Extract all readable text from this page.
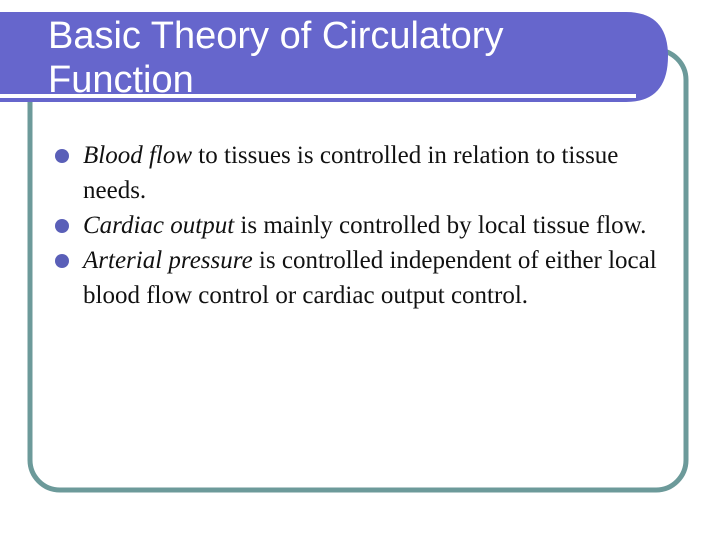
Basic Theory of Circulatory
Function
Blood flow to tissues is controlled in relation to tissue needs.
Cardiac output is mainly controlled by local tissue flow.
Arterial pressure is controlled independent of either local blood flow control or cardiac output control.
